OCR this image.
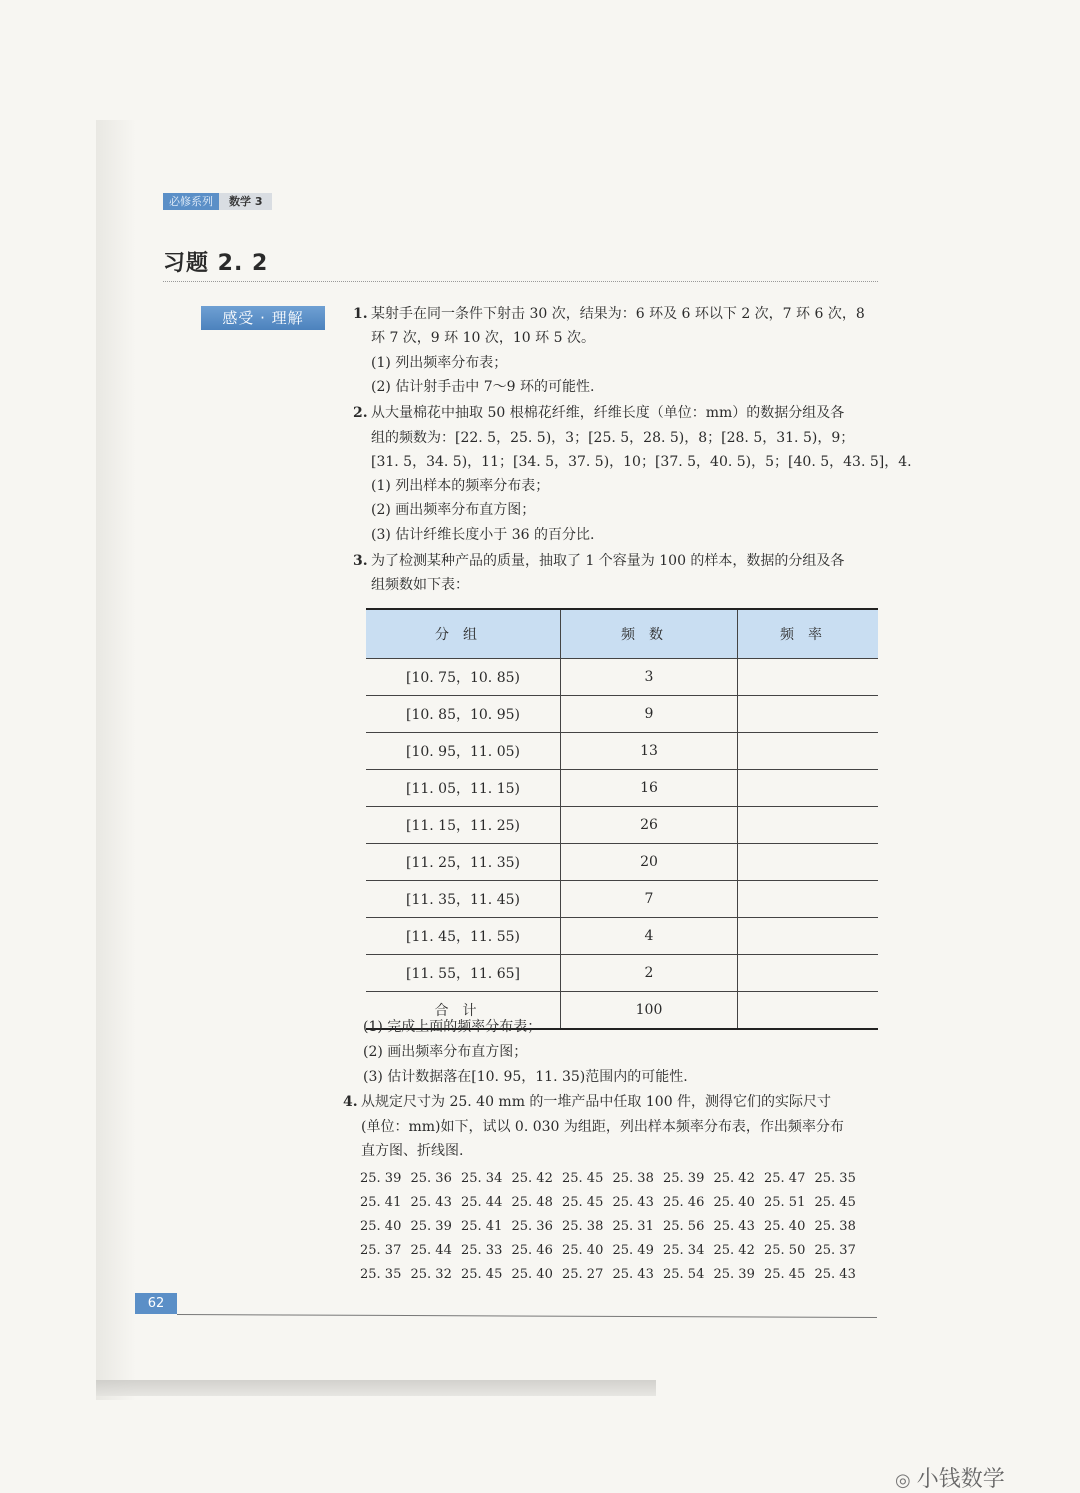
必修系列	数学 3
习题 2. 2
感受 · 理解	1. 某射手在同一条件下射击 30 次，结果为：6 环及 6 环以下 2 次，7 环 6 次，8
环 7 次，9 环 10 次，10 环 5 次。
(1) 列出频率分布表；
(2) 估计射手击中 7～9 环的可能性.
2. 从大量棉花中抽取 50 根棉花纤维，纤维长度（单位：mm）的数据分组及各
组的频数为：[22. 5，25. 5)，3；[25. 5，28. 5)，8；[28. 5，31. 5)，9；
[31. 5，34. 5)，11；[34. 5，37. 5)，10；[37. 5，40. 5)，5；[40. 5，43. 5]，4.
(1) 列出样本的频率分布表；
(2) 画出频率分布直方图；
(3) 估计纤维长度小于 36 的百分比.
3. 为了检测某种产品的质量，抽取了 1 个容量为 100 的样本，数据的分组及各
组频数如下表：
分组	频数	频率
[10. 75，10. 85)	3	
[10. 85，10. 95)	9	
[10. 95，11. 05)	13	
[11. 05，11. 15)	16	
[11. 15，11. 25)	26	
[11. 25，11. 35)	20	
[11. 35，11. 45)	7	
[11. 45，11. 55)	4	
[11. 55，11. 65]	2	
合计	100	
(1) 完成上面的频率分布表；
(2) 画出频率分布直方图；
(3) 估计数据落在[10. 95，11. 35)范围内的可能性.
4. 从规定尺寸为 25. 40 mm 的一堆产品中任取 100 件，测得它们的实际尺寸
(单位：mm)如下，试以 0. 030 为组距，列出样本频率分布表，作出频率分布
直方图、折线图.
25. 39 25. 36 25. 34 25. 42 25. 45 25. 38 25. 39 25. 42 25. 47 25. 35
25. 41 25. 43 25. 44 25. 48 25. 45 25. 43 25. 46 25. 40 25. 51 25. 45
25. 40 25. 39 25. 41 25. 36 25. 38 25. 31 25. 56 25. 43 25. 40 25. 38
25. 37 25. 44 25. 33 25. 46 25. 40 25. 49 25. 34 25. 42 25. 50 25. 37
25. 35 25. 32 25. 45 25. 40 25. 27 25. 43 25. 54 25. 39 25. 45 25. 43
62
◎ 小钱数学
